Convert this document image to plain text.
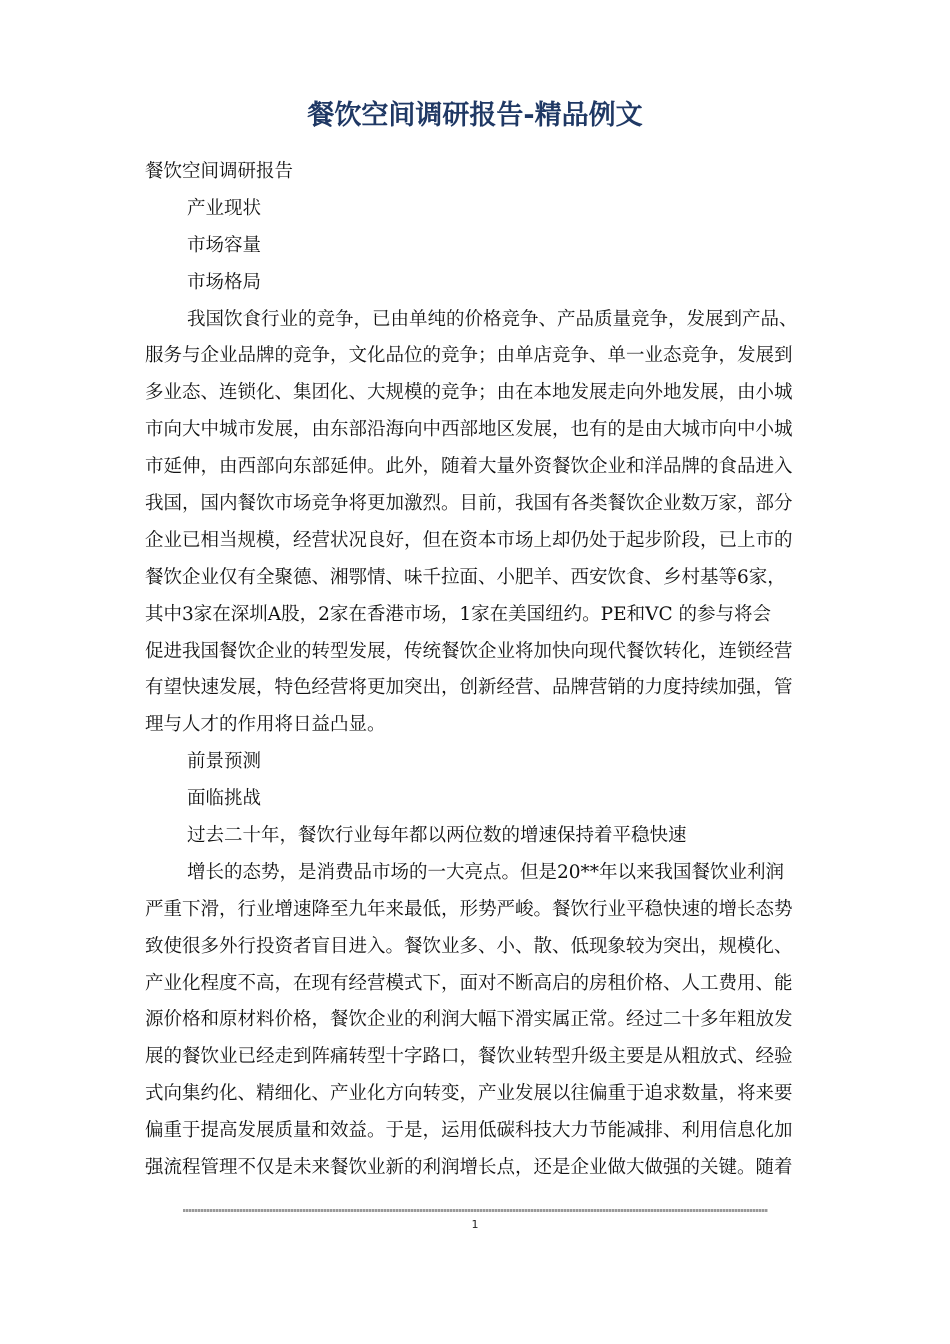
餐饮空间调研报告-精品例文
餐饮空间调研报告
产业现状
市场容量
市场格局
我国饮食行业的竞争，已由单纯的价格竞争、产品质量竞争，发展到产品、
服务与企业品牌的竞争，文化品位的竞争；由单店竞争、单一业态竞争，发展到
多业态、连锁化、集团化、大规模的竞争；由在本地发展走向外地发展，由小城
市向大中城市发展，由东部沿海向中西部地区发展，也有的是由大城市向中小城
市延伸，由西部向东部延伸。此外，随着大量外资餐饮企业和洋品牌的食品进入
我国，国内餐饮市场竞争将更加激烈。目前，我国有各类餐饮企业数万家，部分
企业已相当规模，经营状况良好，但在资本市场上却仍处于起步阶段，已上市的
餐饮企业仅有全聚德、湘鄂情、味千拉面、小肥羊、西安饮食、乡村基等6家，
其中3家在深圳A股，2家在香港市场，1家在美国纽约。PE和VC 的参与将会
促进我国餐饮企业的转型发展，传统餐饮企业将加快向现代餐饮转化，连锁经营
有望快速发展，特色经营将更加突出，创新经营、品牌营销的力度持续加强，管
理与人才的作用将日益凸显。
前景预测
面临挑战
过去二十年，餐饮行业每年都以两位数的增速保持着平稳快速
增长的态势，是消费品市场的一大亮点。但是20**年以来我国餐饮业利润
严重下滑，行业增速降至九年来最低，形势严峻。餐饮行业平稳快速的增长态势
致使很多外行投资者盲目进入。餐饮业多、小、散、低现象较为突出，规模化、
产业化程度不高，在现有经营模式下，面对不断高启的房租价格、人工费用、能
源价格和原材料价格，餐饮企业的利润大幅下滑实属正常。经过二十多年粗放发
展的餐饮业已经走到阵痛转型十字路口，餐饮业转型升级主要是从粗放式、经验
式向集约化、精细化、产业化方向转变，产业发展以往偏重于追求数量，将来要
偏重于提高发展质量和效益。于是，运用低碳科技大力节能减排、利用信息化加
强流程管理不仅是未来餐饮业新的利润增长点，还是企业做大做强的关键。随着
1
